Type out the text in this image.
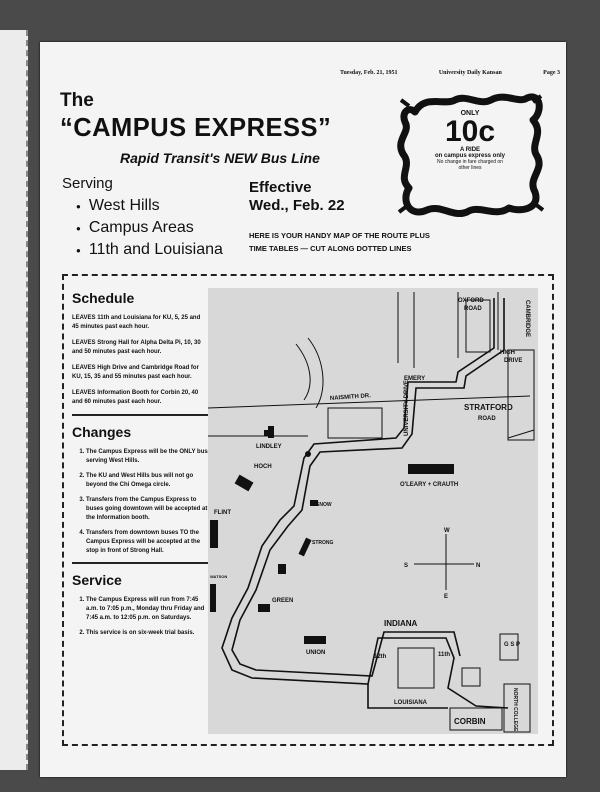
Tuesday, Feb. 21, 1951	University Daily Kansan	Page 3
The
“CAMPUS EXPRESS”
Rapid Transit's NEW Bus Line
Serving
● West Hills
● Campus Areas
● 11th and Louisiana
Effective
Wed., Feb. 22
HERE IS YOUR HANDY MAP OF THE ROUTE PLUS
TIME TABLES — CUT ALONG DOTTED LINES
ONLY
10c
A RIDE
on campus express only
No change in fare charged on
other lines
Schedule

LEAVES 11th and Louisiana for KU, 5, 25 and 45 minutes past each hour.

LEAVES Strong Hall for Alpha Delta Pi, 10, 30 and 50 minutes past each hour.

LEAVES High Drive and Cambridge Road for KU, 15, 35 and 55 minutes past each hour.

LEAVES Information Booth for Corbin 20, 40 and 60 minutes past each hour.

Changes
1. The Campus Express will be the ONLY bus serving West Hills.
2. The KU and West Hills bus will not go beyond the Chi Omega circle.
3. Transfers from the Campus Express to buses going downtown will be accepted at the Information booth.
4. Transfers from downtown buses TO the Campus Express will be accepted at the stop in front of Strong Hall.
Service
1. The Campus Express will run from 7:45 a.m. to 7:05 p.m., Monday thru Friday and 7:45 a.m. to 12:05 p.m. on Saturdays.
2. This service is on six-week trial basis.
OXFORD
ROAD	CAMBRIDGE
HIGH
DRIVE
NAISMITH DR.
EMERY
UNIVERSITY DRIVE	STRATFORD
ROAD
LINDLEY
HOCH
O'LEARY + CRAUTH
FLINT
SNOW
STRONG
WATSON
GREEN
UNION
INDIANA
12th	11th
LOUISIANA
CORBIN	NORTH COLLEGE
G S P
W
S	N
E
